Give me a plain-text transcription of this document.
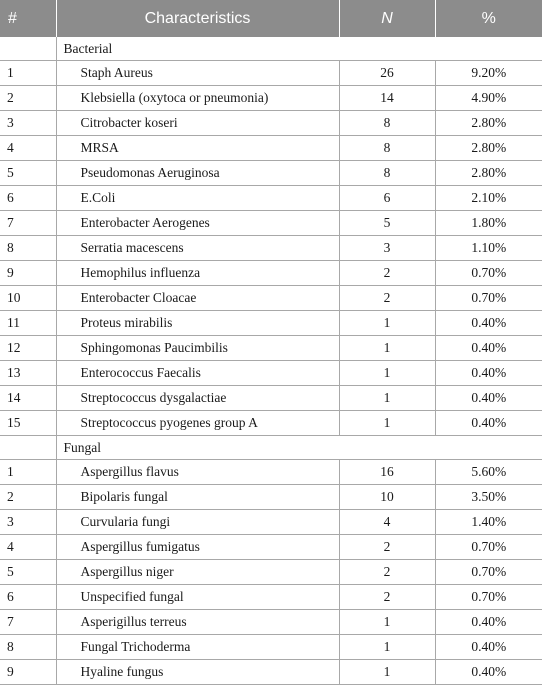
#	Characteristics	N	%
	Bacterial		
1	Staph Aureus	26	9.20%
2	Klebsiella (oxytoca or pneumonia)	14	4.90%
3	Citrobacter koseri	8	2.80%
4	MRSA	8	2.80%
5	Pseudomonas Aeruginosa	8	2.80%
6	E.Coli	6	2.10%
7	Enterobacter Aerogenes	5	1.80%
8	Serratia macescens	3	1.10%
9	Hemophilus influenza	2	0.70%
10	Enterobacter Cloacae	2	0.70%
11	Proteus mirabilis	1	0.40%
12	Sphingomonas Paucimbilis	1	0.40%
13	Enterococcus Faecalis	1	0.40%
14	Streptococcus dysgalactiae	1	0.40%
15	Streptococcus pyogenes group A	1	0.40%
	Fungal		
1	Aspergillus flavus	16	5.60%
2	Bipolaris fungal	10	3.50%
3	Curvularia fungi	4	1.40%
4	Aspergillus fumigatus	2	0.70%
5	Aspergillus niger	2	0.70%
6	Unspecified fungal	2	0.70%
7	Asperigillus terreus	1	0.40%
8	Fungal Trichoderma	1	0.40%
9	Hyaline fungus	1	0.40%
